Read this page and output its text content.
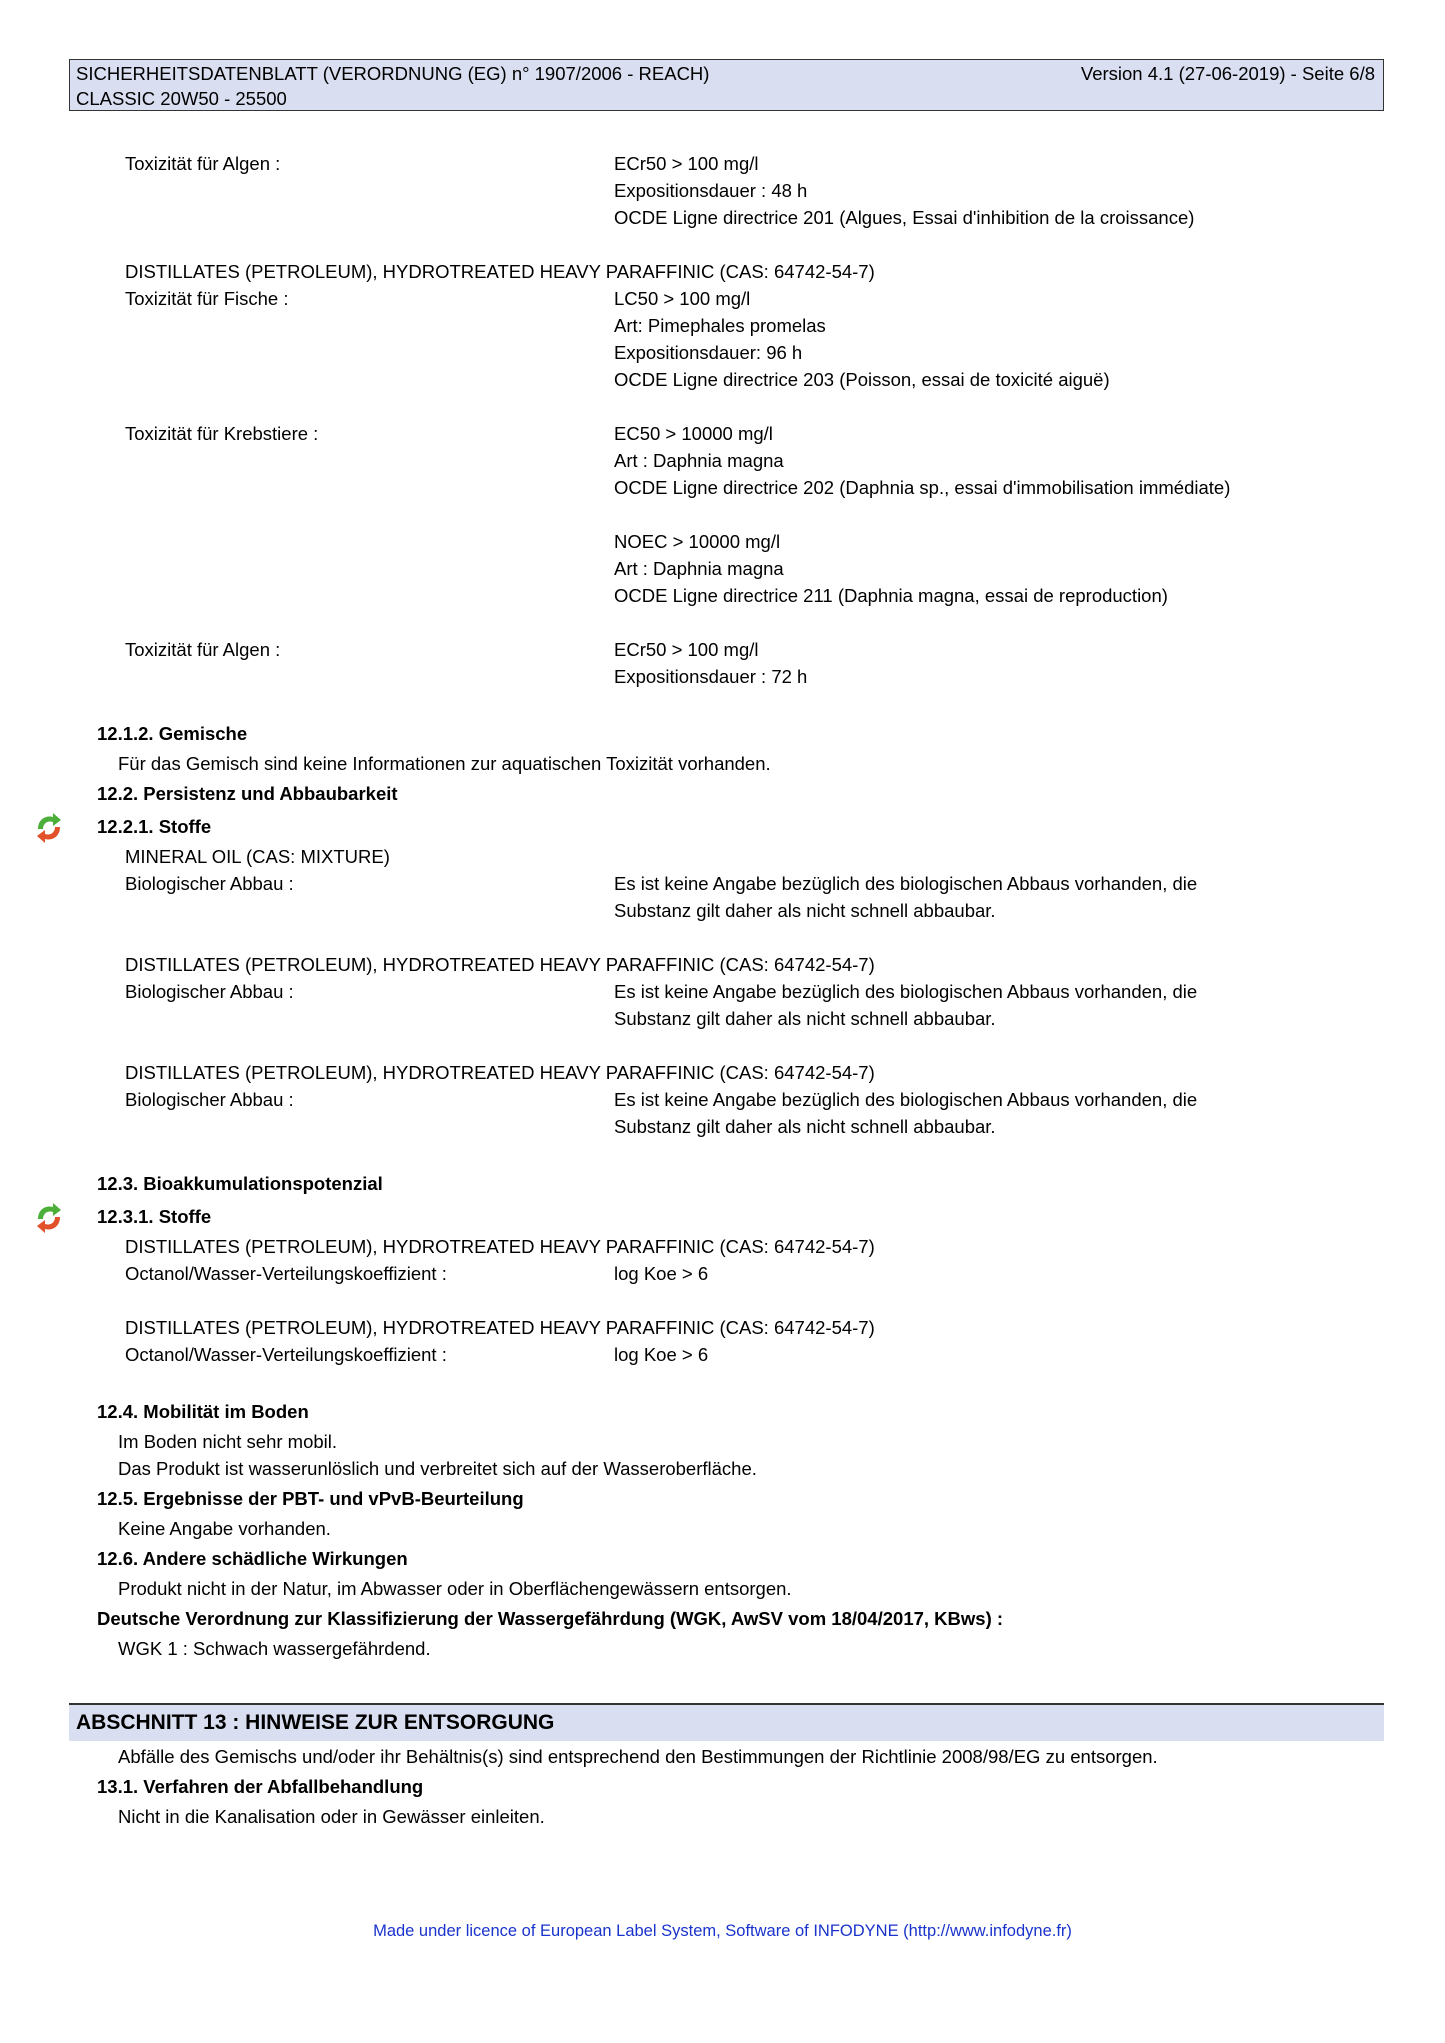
SICHERHEITSDATENBLATT (VERORDNUNG (EG) n° 1907/2006 - REACH)	Version 4.1 (27-06-2019) - Seite 6/8
CLASSIC 20W50 - 25500
Toxizität für Algen :	ECr50 > 100 mg/l
Expositionsdauer : 48 h
OCDE Ligne directrice 201 (Algues, Essai d'inhibition de la croissance)
DISTILLATES (PETROLEUM), HYDROTREATED HEAVY PARAFFINIC (CAS: 64742-54-7)
Toxizität für Fische :	LC50 > 100 mg/l
Art: Pimephales promelas
Expositionsdauer: 96 h
OCDE Ligne directrice 203 (Poisson, essai de toxicité aiguë)
Toxizität für Krebstiere :	EC50 > 10000 mg/l
Art : Daphnia magna
OCDE Ligne directrice 202 (Daphnia sp., essai d'immobilisation immédiate)
NOEC > 10000 mg/l
Art : Daphnia magna
OCDE Ligne directrice 211 (Daphnia magna, essai de reproduction)
Toxizität für Algen :	ECr50 > 100 mg/l
Expositionsdauer : 72 h
12.1.2. Gemische
Für das Gemisch sind keine Informationen zur aquatischen Toxizität vorhanden.
12.2. Persistenz und Abbaubarkeit
12.2.1. Stoffe
MINERAL OIL (CAS: MIXTURE)
Biologischer Abbau :	Es ist keine Angabe bezüglich des biologischen Abbaus vorhanden, die
Substanz gilt daher als nicht schnell abbaubar.
DISTILLATES (PETROLEUM), HYDROTREATED HEAVY PARAFFINIC (CAS: 64742-54-7)
Biologischer Abbau :	Es ist keine Angabe bezüglich des biologischen Abbaus vorhanden, die
Substanz gilt daher als nicht schnell abbaubar.
DISTILLATES (PETROLEUM), HYDROTREATED HEAVY PARAFFINIC (CAS: 64742-54-7)
Biologischer Abbau :	Es ist keine Angabe bezüglich des biologischen Abbaus vorhanden, die
Substanz gilt daher als nicht schnell abbaubar.
12.3. Bioakkumulationspotenzial
12.3.1. Stoffe
DISTILLATES (PETROLEUM), HYDROTREATED HEAVY PARAFFINIC (CAS: 64742-54-7)
Octanol/Wasser-Verteilungskoeffizient :	log Koe > 6
DISTILLATES (PETROLEUM), HYDROTREATED HEAVY PARAFFINIC (CAS: 64742-54-7)
Octanol/Wasser-Verteilungskoeffizient :	log Koe > 6
12.4. Mobilität im Boden
Im Boden nicht sehr mobil.
Das Produkt ist wasserunlöslich und verbreitet sich auf der Wasseroberfläche.
12.5. Ergebnisse der PBT- und vPvB-Beurteilung
Keine Angabe vorhanden.
12.6. Andere schädliche Wirkungen
Produkt nicht in der Natur, im Abwasser oder in Oberflächengewässern entsorgen.
Deutsche Verordnung zur Klassifizierung der Wassergefährdung (WGK, AwSV vom 18/04/2017, KBws) :
WGK 1 : Schwach wassergefährdend.
ABSCHNITT 13 : HINWEISE ZUR ENTSORGUNG
Abfälle des Gemischs und/oder ihr Behältnis(s) sind entsprechend den Bestimmungen der Richtlinie 2008/98/EG zu entsorgen.
13.1. Verfahren der Abfallbehandlung
Nicht in die Kanalisation oder in Gewässer einleiten.
Made under licence of European Label System, Software of INFODYNE (http://www.infodyne.fr)
